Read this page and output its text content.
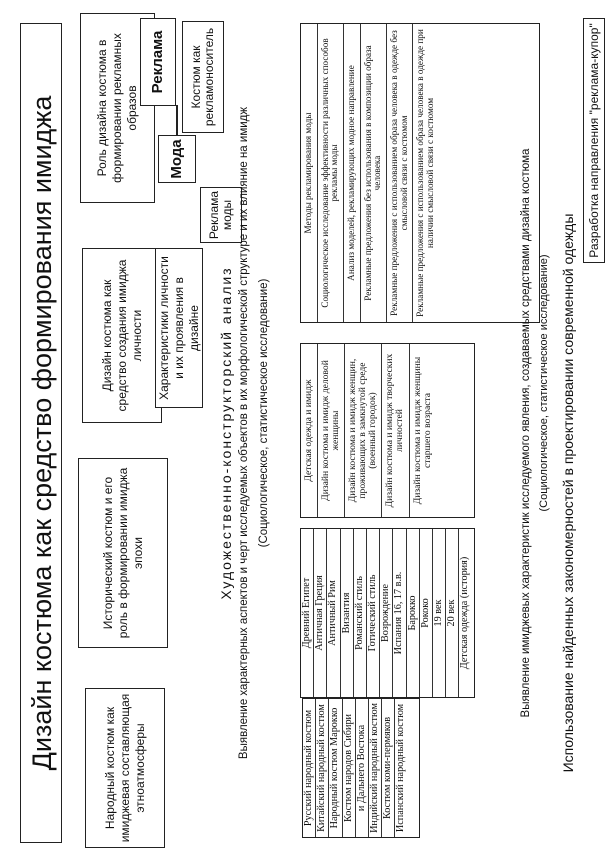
Дизайн костюма как средство формирования имиджа	Народный костюм как имиджевая составляющая этноатмосферы
Исторический костюм и его роль в формировании имиджа эпохи
Дизайн костюма как средство создания имиджа личности
Роль дизайна костюма в формировании рекламных образов
Характеристики личности и их проявления в дизайне
Мода
Реклама
Реклама моды
Костюм как рекламоноситель
Художественно-конструкторский анализ Выявление характерных аспектов и черт исследуемых объектов в их морфологической структуре и их влияние на имидж (Социологическое, статистическое исследование)
Русский народный костюм Китайский народный костюм Народный костюм Марокко Костюм народов Сибири и Дальнего Востока Индийский народный костюм Костюм коми-пермяков Испанский народный костюм
Древний Египет Античная Греция Античный Рим Византия Романский стиль Готический стиль Возрождение Испания 16, 17 в.в. Барокко Рококо 19 век 20 век Детская одежда (история)
Детская одежда и имидж Дизайн костюма и имидж деловой женщины Дизайн костюма и имидж женщин, проживающих в замкнутой среде (военный городок) Дизайн костюма и имидж творческих личностей Дизайн костюма и имидж женщины старшего возраста
Методы рекламирования моды Социологическое исследование эффективности различных способов рекламы моды Анализ моделей, рекламирующих модное направление Рекламные предложения без использования в композиции образа человека Рекламные предложения с использованием образа человека в одежде без смысловой связи с костюмом Рекламные предложения с использованием образа человека в одежде при наличии смысловой связи с костюмом	Выявление имиджевых характеристик исследуемого явления, создаваемых средствами дизайна костюма (Социологическое, статистическое исследование) Использование найденных закономерностей в проектировании современной одежды
Разработка направления "реклама-купор"
